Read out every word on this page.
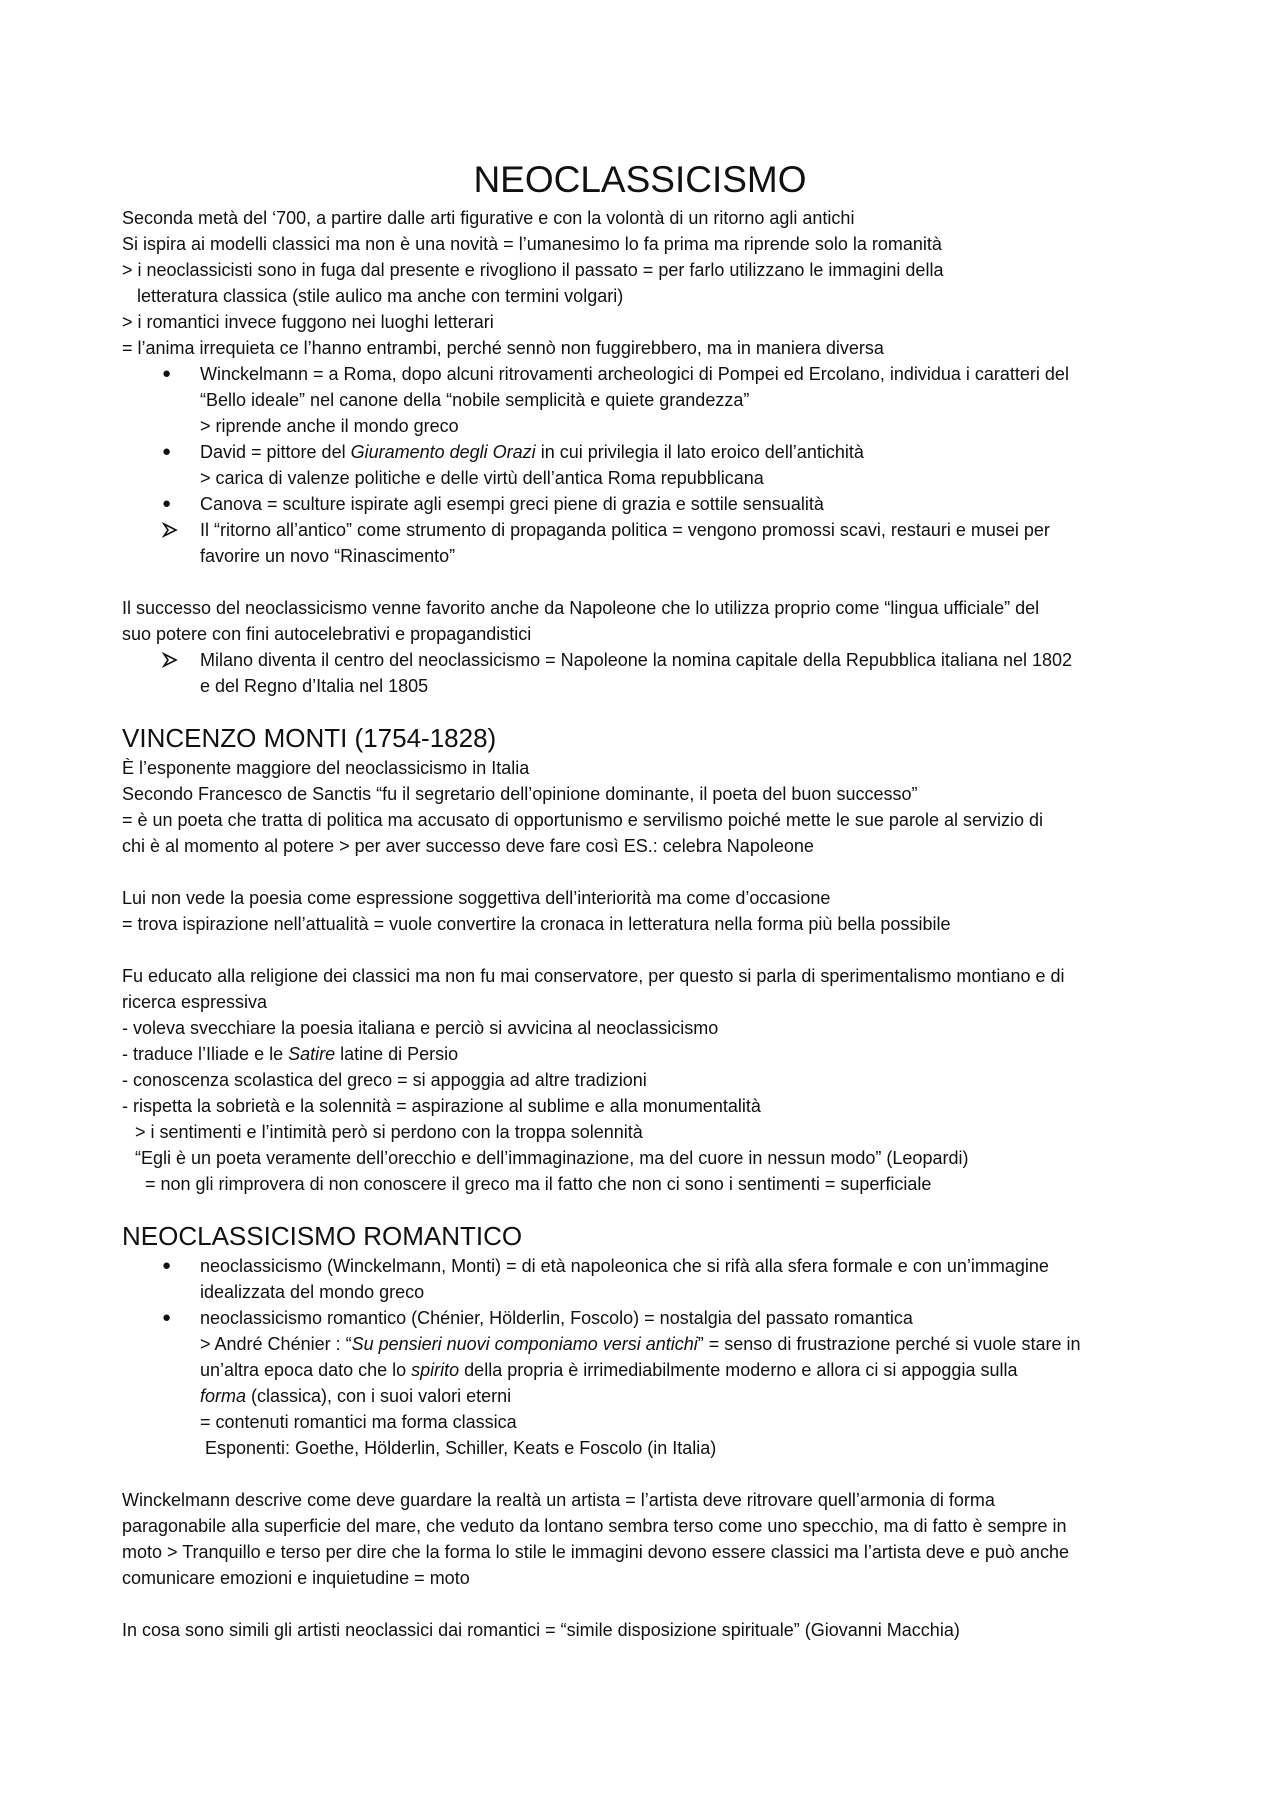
NEOCLASSICISMO
Seconda metà del ‘700, a partire dalle arti figurative e con la volontà di un ritorno agli antichi
Si ispira ai modelli classici ma non è una novità = l’umanesimo lo fa prima ma riprende solo la romanità
> i neoclassicisti sono in fuga dal presente e rivogliono il passato = per farlo utilizzano le immagini della
letteratura classica (stile aulico ma anche con termini volgari)
> i romantici invece fuggono nei luoghi letterari
= l’anima irrequieta ce l’hanno entrambi, perché sennò non fuggirebbero, ma in maniera diversa
● Winckelmann = a Roma, dopo alcuni ritrovamenti archeologici di Pompei ed Ercolano, individua i caratteri del
“Bello ideale” nel canone della “nobile semplicità e quiete grandezza”
> riprende anche il mondo greco
● David = pittore del Giuramento degli Orazi in cui privilegia il lato eroico dell’antichità
> carica di valenze politiche e delle virtù dell’antica Roma repubblicana
● Canova = sculture ispirate agli esempi greci piene di grazia e sottile sensualità
Il “ritorno all’antico” come strumento di propaganda politica = vengono promossi scavi, restauri e musei per
favorire un novo “Rinascimento”
Il successo del neoclassicismo venne favorito anche da Napoleone che lo utilizza proprio come “lingua ufficiale” del
suo potere con fini autocelebrativi e propagandistici
Milano diventa il centro del neoclassicismo = Napoleone la nomina capitale della Repubblica italiana nel 1802
e del Regno d’Italia nel 1805
VINCENZO MONTI (1754-1828)
È l’esponente maggiore del neoclassicismo in Italia
Secondo Francesco de Sanctis “fu il segretario dell’opinione dominante, il poeta del buon successo”
= è un poeta che tratta di politica ma accusato di opportunismo e servilismo poiché mette le sue parole al servizio di
chi è al momento al potere > per aver successo deve fare così ES.: celebra Napoleone
Lui non vede la poesia come espressione soggettiva dell’interiorità ma come d’occasione
= trova ispirazione nell’attualità = vuole convertire la cronaca in letteratura nella forma più bella possibile
Fu educato alla religione dei classici ma non fu mai conservatore, per questo si parla di sperimentalismo montiano e di
ricerca espressiva
- voleva svecchiare la poesia italiana e perciò si avvicina al neoclassicismo
- traduce l’Iliade e le Satire latine di Persio
- conoscenza scolastica del greco = si appoggia ad altre tradizioni
- rispetta la sobrietà e la solennità = aspirazione al sublime e alla monumentalità
> i sentimenti e l’intimità però si perdono con la troppa solennità
“Egli è un poeta veramente dell’orecchio e dell’immaginazione, ma del cuore in nessun modo” (Leopardi)
= non gli rimprovera di non conoscere il greco ma il fatto che non ci sono i sentimenti = superficiale
NEOCLASSICISMO ROMANTICO
● neoclassicismo (Winckelmann, Monti) = di età napoleonica che si rifà alla sfera formale e con un’immagine
idealizzata del mondo greco
● neoclassicismo romantico (Chénier, Hölderlin, Foscolo) = nostalgia del passato romantica
> André Chénier : “Su pensieri nuovi componiamo versi antichi” = senso di frustrazione perché si vuole stare in
un’altra epoca dato che lo spirito della propria è irrimediabilmente moderno e allora ci si appoggia sulla
forma (classica), con i suoi valori eterni
= contenuti romantici ma forma classica
Esponenti: Goethe, Hölderlin, Schiller, Keats e Foscolo (in Italia)
Winckelmann descrive come deve guardare la realtà un artista = l’artista deve ritrovare quell’armonia di forma
paragonabile alla superficie del mare, che veduto da lontano sembra terso come uno specchio, ma di fatto è sempre in
moto > Tranquillo e terso per dire che la forma lo stile le immagini devono essere classici ma l’artista deve e può anche
comunicare emozioni e inquietudine = moto
In cosa sono simili gli artisti neoclassici dai romantici = “simile disposizione spirituale” (Giovanni Macchia)
